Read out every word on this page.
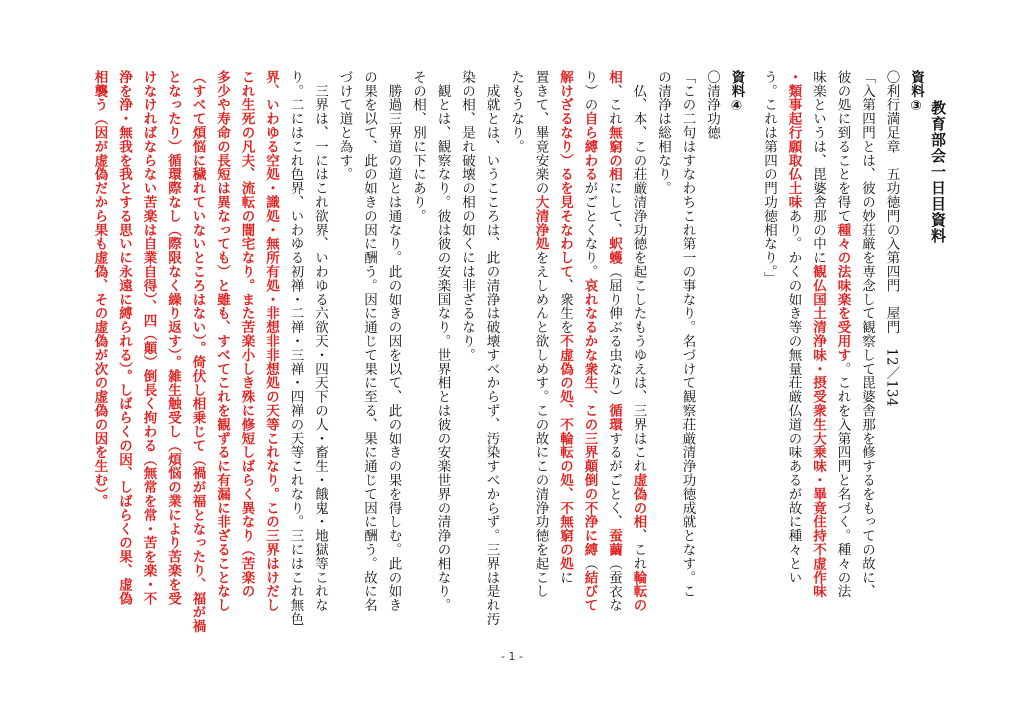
教育部会一日目資料
資料③
〇利行満足章　五功徳門の入第四門　屋門　12／134
「入第四門とは、彼の妙荘厳を専念して観察して毘婆舎那を修するをもっての故に、
彼の処に到ることを得て種々の法味楽を受用す。これを入第四門と名づく。種々の法
味楽というは、毘婆舎那の中に観仏国土清浄味・摂受衆生大乗味・畢竟住持不虚作味
・類事起行願取仏土味あり。かくの如き等の無量荘厳仏道の味あるが故に種々とい
う。これは第四の門功徳相なり。」
資料④
〇清浄功徳
「この二句はすなわちこれ第一の事なり。名づけて観察荘厳清浄功徳成就となす。こ
の清浄は総相なり。
　仏、本、この荘厳清浄功徳を起こしたもうゆえは、三界はこれ虚偽の相、これ輪転の
相、これ無窮の相にして、蚇蠖（屈り伸ぶる虫なり）循環するがごとく、蚕繭（蚕衣な
り）の自ら縛わるがごとくなり。哀れなるかな衆生、この三界顛倒の不浄に縛（結びて
解けざるなり）るを見そなわして、衆生を不虚偽の処、不輪転の処、不無窮の処に
置きて、畢竟安楽の大清浄処をえしめんと欲しめす。この故にこの清浄功徳を起こし
たもうなり。
　成就とは、いうこころは、此の清浄は破壊すべからず、汚染すべからず。三界は是れ汚
染の相、是れ破壊の相の如くには非ざるなり。
　観とは、観察なり。彼は彼の安楽国なり。世界相とは彼の安楽世界の清浄の相なり。
その相、別に下にあり。
　勝過三界道の道とは通なり。此の如きの因を以て、此の如きの果を得しむ。此の如き
の果を以て、此の如きの因に酬う。因に通じて果に至る、果に通じて因に酬う。故に名
づけて道と為す。
　三界は、一にはこれ欲界、いわゆる六欲天・四天下の人・畜生・餓鬼・地獄等これな
り。二にはこれ色界、いわゆる初禅・二禅・三禅・四禅の天等これなり。三にはこれ無色
界、いわゆる空処・識処・無所有処・非想非非想処の天等これなり。この三界はけだし
これ生死の凡夫、流転の闇宅なり。また苦楽小しき殊に修短しばらく異なり（苦楽の
多少や寿命の長短は異なっても）と雖も、すべてこれを観ずるに有漏に非ざることなし
（すべて煩悩に穢れていないところはない）。倚伏し相乗じて（禍が福となったり、福が禍
となったり）循環際なし（際限なく繰り返す）。雑生触受し（煩悩の業により苦楽を受
けなければならない苦楽は自業自得）、四（顛）倒長く拘わる（無常を常・苦を楽・不
浄を浄・無我を我とする思いに永遠に縛られる）。しばらくの因、しばらくの果、虚偽
相襲う（因が虚偽だから果も虚偽、その虚偽が次の虚偽の因を生む）。
- 1 -
